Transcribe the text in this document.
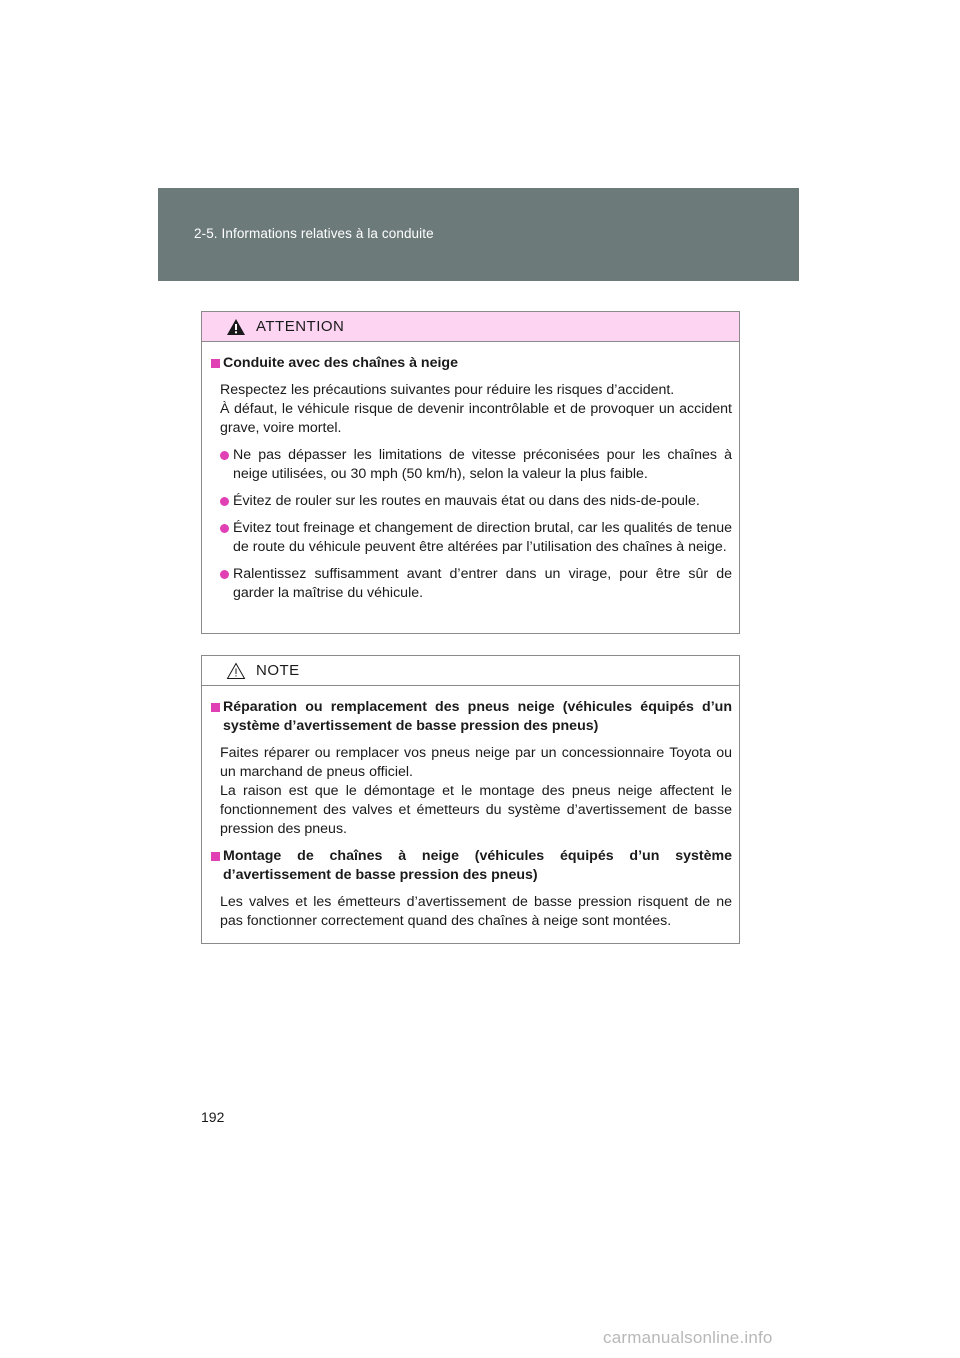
2-5. Informations relatives à la conduite
ATTENTION
Conduite avec des chaînes à neige

Respectez les précautions suivantes pour réduire les risques d’accident.

À défaut, le véhicule risque de devenir incontrôlable et de provoquer un accident grave, voire mortel.

Ne pas dépasser les limitations de vitesse préconisées pour les chaînes à neige utilisées, ou 30 mph (50 km/h), selon la valeur la plus faible.
Évitez de rouler sur les routes en mauvais état ou dans des nids-de-poule.
Évitez tout freinage et changement de direction brutal, car les qualités de tenue de route du véhicule peuvent être altérées par l’utilisation des chaînes à neige.
Ralentissez suffisamment avant d’entrer dans un virage, pour être sûr de garder la maîtrise du véhicule.
NOTE
Réparation ou remplacement des pneus neige (véhicules équipés d’un système d’avertissement de basse pression des pneus)

Faites réparer ou remplacer vos pneus neige par un concessionnaire Toyota ou un marchand de pneus officiel.

La raison est que le démontage et le montage des pneus neige affectent le fonctionnement des valves et émetteurs du système d’avertissement de basse pression des pneus.

Montage de chaînes à neige (véhicules équipés d’un système d’avertissement de basse pression des pneus)

Les valves et les émetteurs d’avertissement de basse pression risquent de ne pas fonctionner correctement quand des chaînes à neige sont montées.

192
carmanualsonline.info
